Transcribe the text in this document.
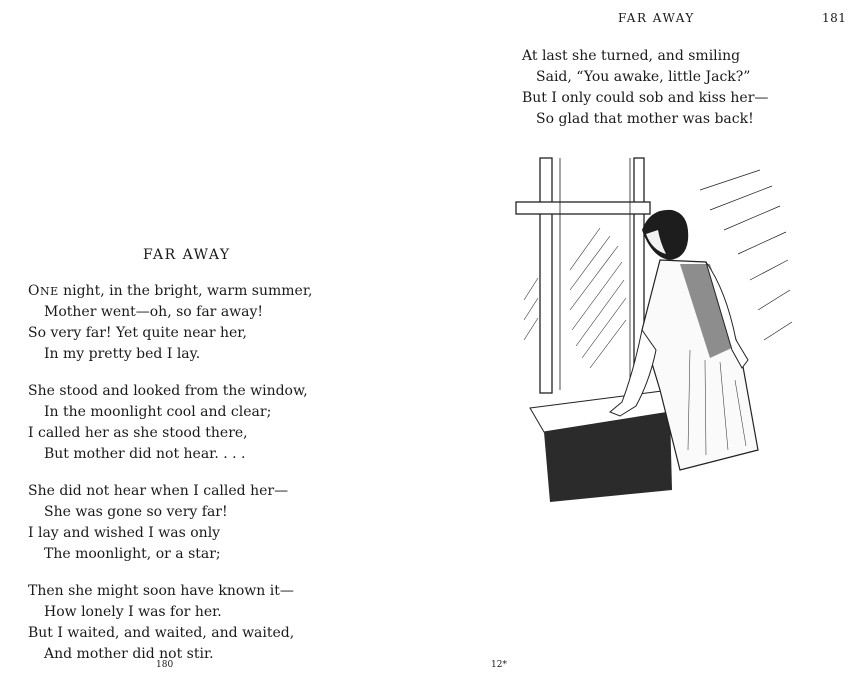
FAR AWAY	181
At last she turned, and smiling
Said, “You awake, little Jack?”
But I only could sob and kiss her—
So glad that mother was back!
FAR AWAY
ONE night, in the bright, warm summer,
Mother went—oh, so far away!
So very far! Yet quite near her,
In my pretty bed I lay.
She stood and looked from the window,
In the moonlight cool and clear;
I called her as she stood there,
But mother did not hear. . . .
She did not hear when I called her—
She was gone so very far!
I lay and wished I was only
The moonlight, or a star;
Then she might soon have known it—
How lonely I was for her.
But I waited, and waited, and waited,
And mother did not stir.
180	12*
